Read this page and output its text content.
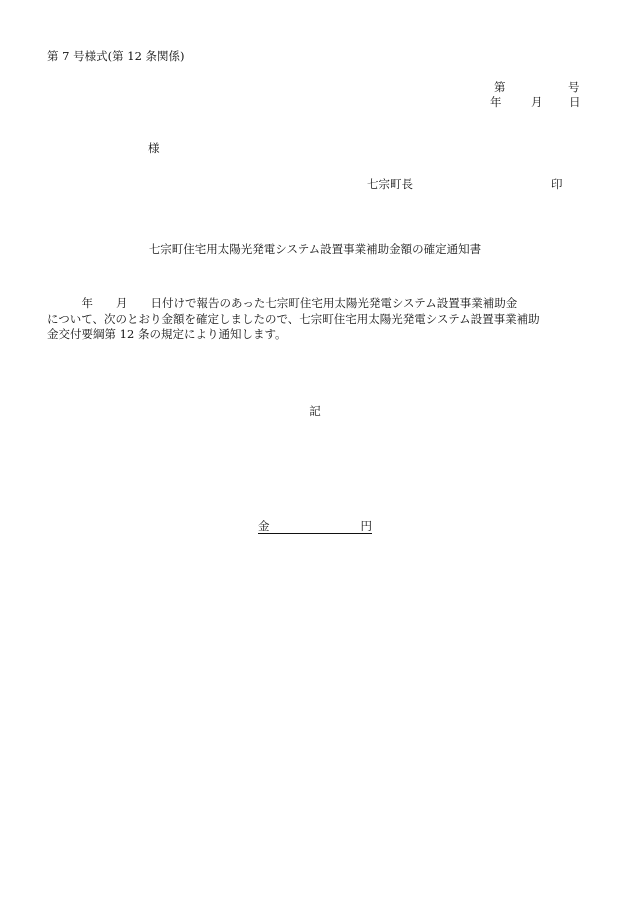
第 7 号様式(第 12 条関係)
第	号
年	月 日
様
七宗町長	印
七宗町住宅用太陽光発電システム設置事業補助金額の確定通知書
　　　年　　月　　日付けで報告のあった七宗町住宅用太陽光発電システム設置事業補助金
について、次のとおり金額を確定しましたので、七宗町住宅用太陽光発電システム設置事業補助
金交付要綱第 12 条の規定により通知します。
記
金	円
